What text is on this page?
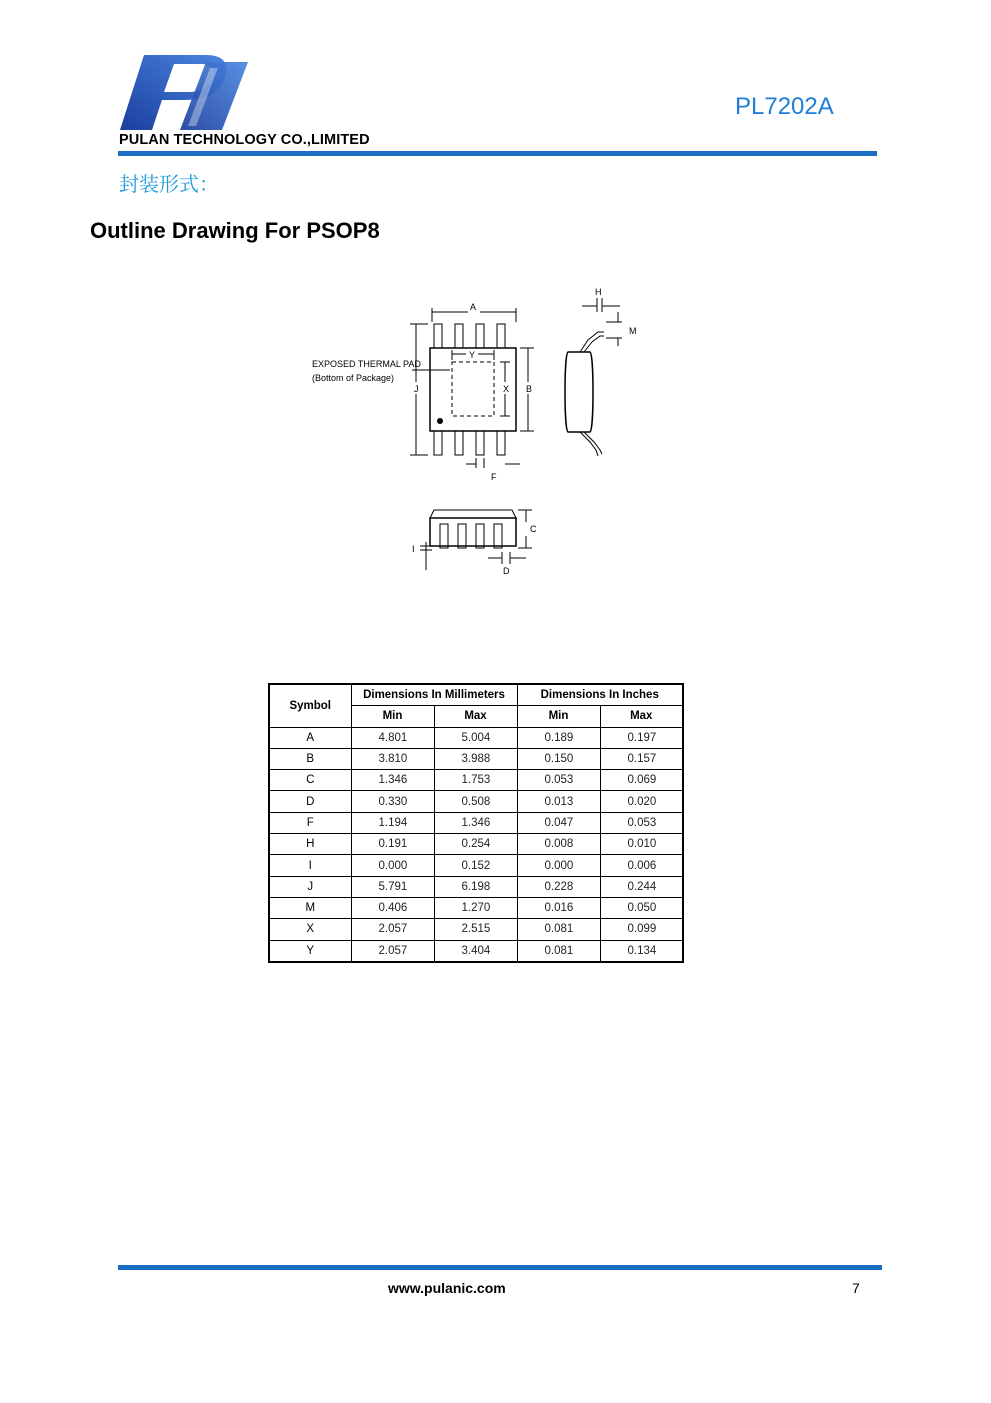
PULAN TECHNOLOGY CO.,LIMITED
PL7202A
封装形式：
Outline Drawing For PSOP8
A
J	B
X
Y
F
H
M
C
I
D
EXPOSED THERMAL PAD
(Bottom of Package)
Symbol	Dimensions In Millimeters		Dimensions In Inches	
	Min	Max	Min	Max
A	4.801	5.004	0.189	0.197
B	3.810	3.988	0.150	0.157
C	1.346	1.753	0.053	0.069
D	0.330	0.508	0.013	0.020
F	1.194	1.346	0.047	0.053
H	0.191	0.254	0.008	0.010
I	0.000	0.152	0.000	0.006
J	5.791	6.198	0.228	0.244
M	0.406	1.270	0.016	0.050
X	2.057	2.515	0.081	0.099
Y	2.057	3.404	0.081	0.134
www.pulanic.com	7
